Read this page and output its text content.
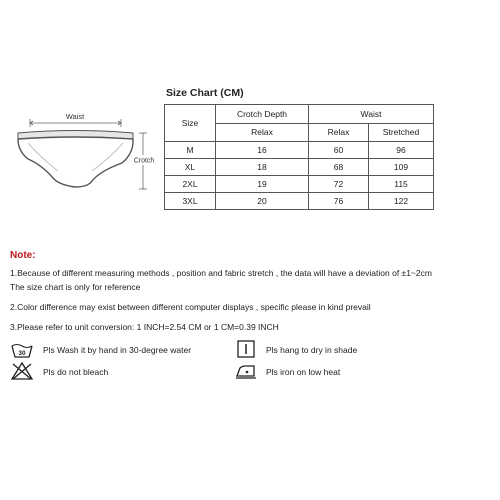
Waist
Crotch
Size Chart (CM)
Size	Crotch Depth	Waist	
	Relax	Relax	Stretched
M	16	60	96
XL	18	68	109
2XL	19	72	115
3XL	20	76	122
Note:
1.Because of different measuring methods , position and fabric stretch , the data will have a deviation of ±1~2cm
The size chart is only for reference
2.Color difference may exist between different computer displays , specific please in kind prevail
3.Please refer to unit conversion: 1 INCH=2.54 CM or 1 CM=0.39 INCH
30 Pls Wash it by hand in 30-degree water	Pls hang to dry in shade
Pls do not bleach	Pls iron on low heat
